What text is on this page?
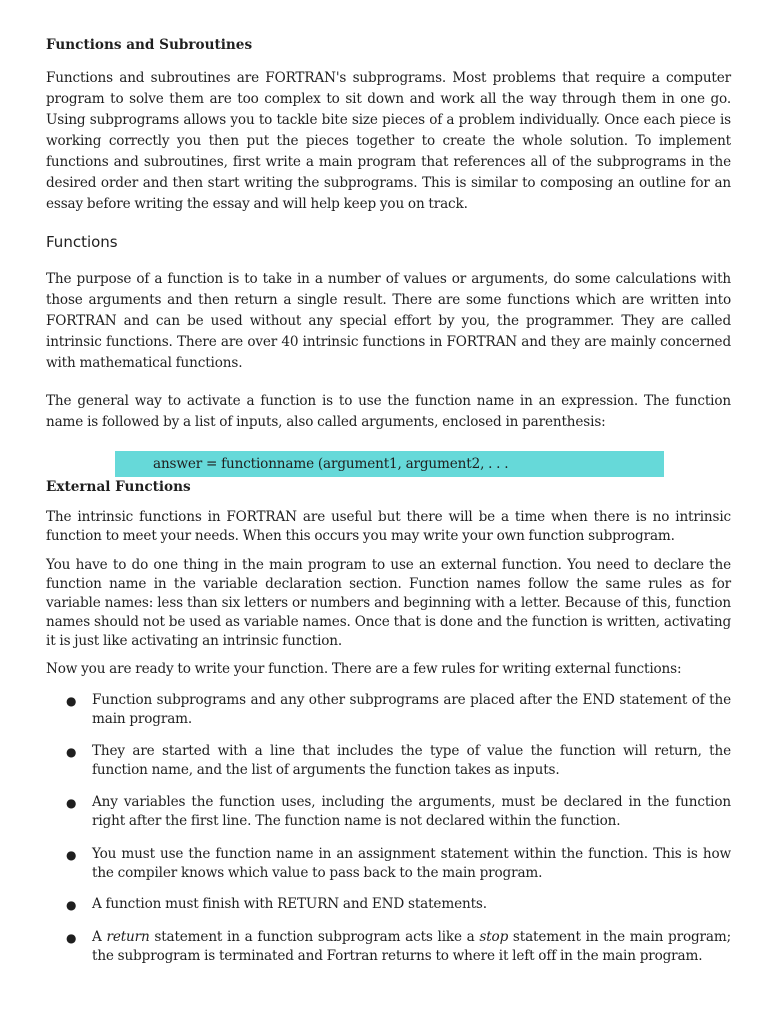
Functions and Subroutines

Functions and subroutines are FORTRAN's subprograms. Most problems that require a computer program to solve them are too complex to sit down and work all the way through them in one go. Using subprograms allows you to tackle bite size pieces of a problem individually. Once each piece is working correctly you then put the pieces together to create the whole solution. To implement functions and subroutines, first write a main program that references all of the subprograms in the desired order and then start writing the subprograms. This is similar to composing an outline for an essay before writing the essay and will help keep you on track.

Functions

The purpose of a function is to take in a number of values or arguments, do some calculations with those arguments and then return a single result. There are some functions which are written into FORTRAN and can be used without any special effort by you, the programmer. They are called intrinsic functions. There are over 40 intrinsic functions in FORTRAN and they are mainly concerned with mathematical functions.

The general way to activate a function is to use the function name in an expression. The function name is followed by a list of inputs, also called arguments, enclosed in parenthesis:

answer = functionname (argument1, argument2, . . .
External Functions

The intrinsic functions in FORTRAN are useful but there will be a time when there is no intrinsic function to meet your needs. When this occurs you may write your own function subprogram.

You have to do one thing in the main program to use an external function. You need to declare the function name in the variable declaration section. Function names follow the same rules as for variable names: less than six letters or numbers and beginning with a letter. Because of this, function names should not be used as variable names. Once that is done and the function is written, activating it is just like activating an intrinsic function.

Now you are ready to write your function. There are a few rules for writing external functions:

● Function subprograms and any other subprograms are placed after the END statement of the main program.
● They are started with a line that includes the type of value the function will return, the function name, and the list of arguments the function takes as inputs.
● Any variables the function uses, including the arguments, must be declared in the function right after the first line. The function name is not declared within the function.
● You must use the function name in an assignment statement within the function. This is how the compiler knows which value to pass back to the main program.
● A function must finish with RETURN and END statements.
● A return statement in a function subprogram acts like a stop statement in the main program; the subprogram is terminated and Fortran returns to where it left off in the main program.
